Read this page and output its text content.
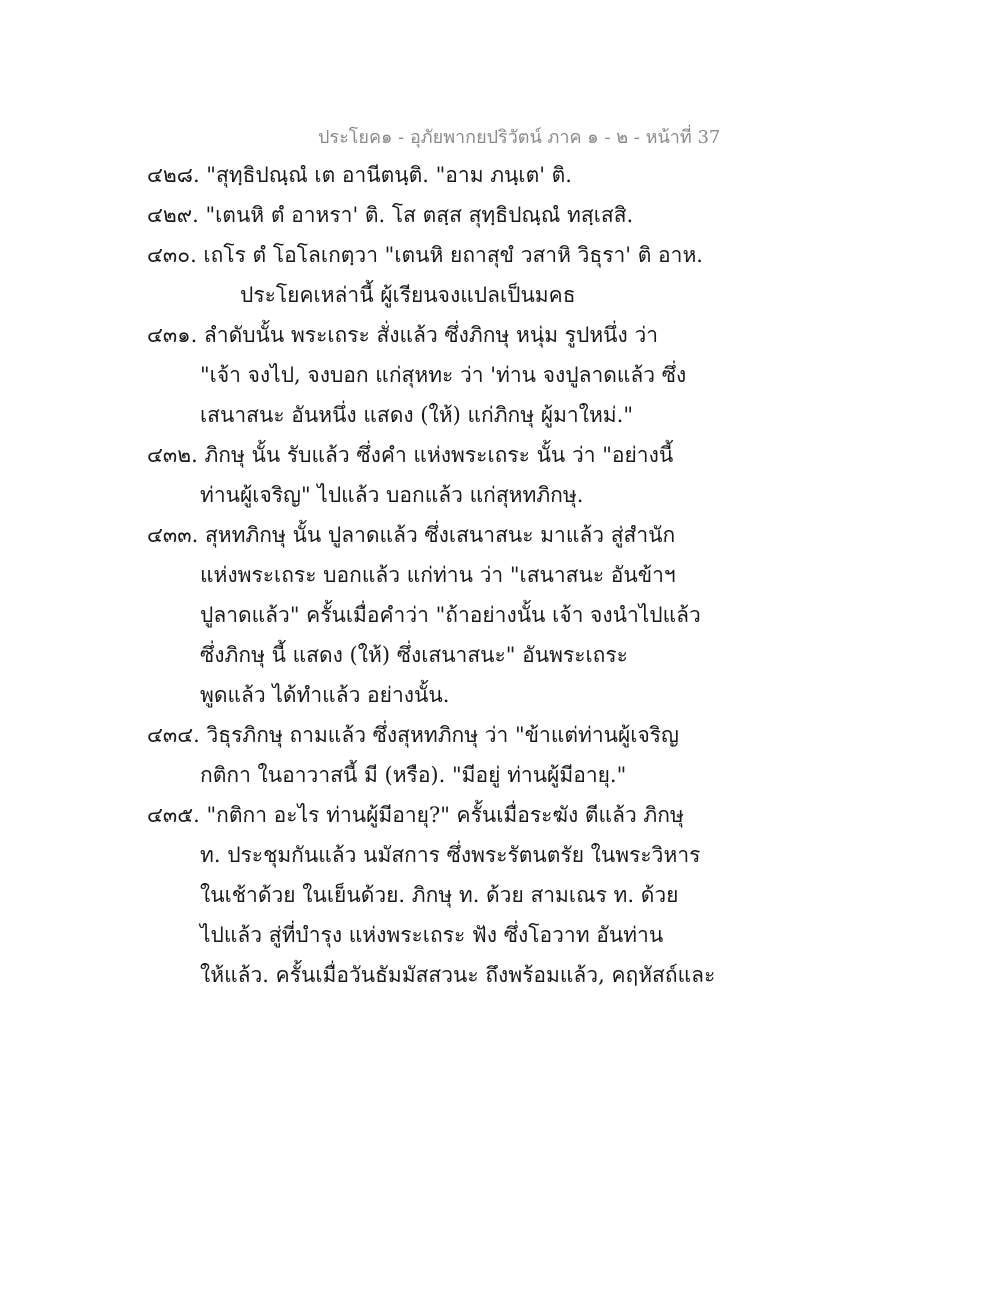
ประโยค๑ - อุภัยพากยปริวัตน์ ภาค ๑ - ๒ - หน้าที่ 37
๔๒๘. "สุทฺธิปณฺณํ เต อานีตนฺติ. "อาม ภนฺเต' ติ.
๔๒๙. "เตนหิ ตํ อาหรา' ติ. โส ตสฺส สุทฺธิปณฺณํ ทสฺเสสิ.
๔๓๐. เถโร ตํ โอโลเกตฺวา "เตนหิ ยถาสุขํ วสาหิ วิธุรา' ติ อาห.
ประโยคเหล่านี้ ผู้เรียนจงแปลเป็นมคธ
๔๓๑. ลำดับนั้น พระเถระ สั่งแล้ว ซึ่งภิกษุ หนุ่ม รูปหนึ่ง ว่า
"เจ้า จงไป, จงบอก แก่สุหทะ ว่า 'ท่าน จงปูลาดแล้ว ซึ่ง
เสนาสนะ อันหนึ่ง แสดง (ให้) แก่ภิกษุ ผู้มาใหม่."
๔๓๒. ภิกษุ นั้น รับแล้ว ซึ่งคำ แห่งพระเถระ นั้น ว่า "อย่างนี้
ท่านผู้เจริญ" ไปแล้ว บอกแล้ว แก่สุหทภิกษุ.
๔๓๓. สุหทภิกษุ นั้น ปูลาดแล้ว ซึ่งเสนาสนะ มาแล้ว สู่สำนัก
แห่งพระเถระ บอกแล้ว แก่ท่าน ว่า "เสนาสนะ อันข้าฯ
ปูลาดแล้ว" ครั้นเมื่อคำว่า "ถ้าอย่างนั้น เจ้า จงนำไปแล้ว
ซึ่งภิกษุ นี้ แสดง (ให้) ซึ่งเสนาสนะ" อันพระเถระ
พูดแล้ว ได้ทำแล้ว อย่างนั้น.
๔๓๔. วิธุรภิกษุ ถามแล้ว ซึ่งสุหทภิกษุ ว่า "ข้าแต่ท่านผู้เจริญ
กติกา ในอาวาสนี้ มี (หรือ). "มีอยู่ ท่านผู้มีอายุ."
๔๓๕. "กติกา อะไร ท่านผู้มีอายุ?" ครั้นเมื่อระฆัง ตีแล้ว ภิกษุ
ท. ประชุมกันแล้ว นมัสการ ซึ่งพระรัตนตรัย ในพระวิหาร
ในเช้าด้วย ในเย็นด้วย. ภิกษุ ท. ด้วย สามเณร ท. ด้วย
ไปแล้ว สู่ที่บำรุง แห่งพระเถระ ฟัง ซึ่งโอวาท อันท่าน
ให้แล้ว. ครั้นเมื่อวันธัมมัสสวนะ ถึงพร้อมแล้ว, คฤหัสถ์และ
